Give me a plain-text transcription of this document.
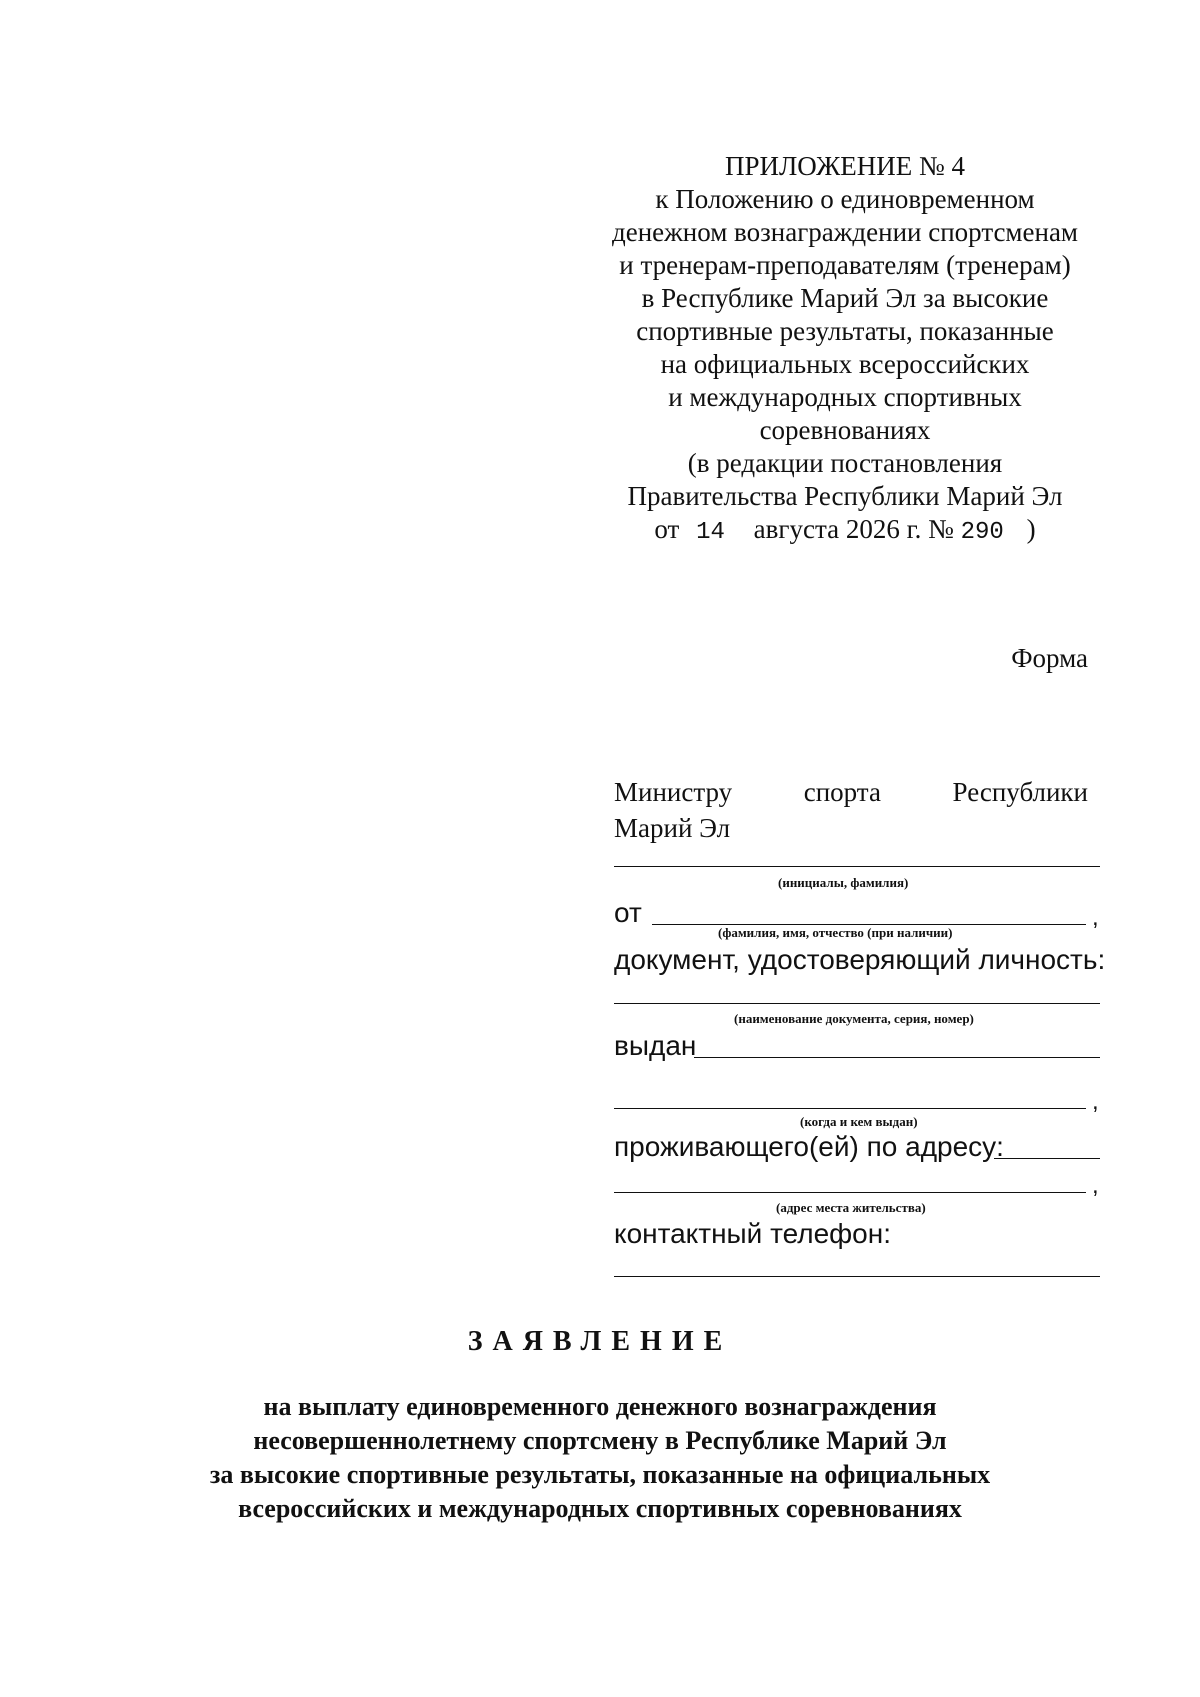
ПРИЛОЖЕНИЕ № 4
к Положению о единовременном
денежном вознаграждении спортсменам
и тренерам-преподавателям (тренерам)
в Республике Марий Эл за высокие
спортивные результаты, показанные
на официальных всероссийских
и международных спортивных
соревнованиях
(в редакции постановления
Правительства Республики Марий Эл
от 14 августа 2026 г. № 290 )
Форма
Министру	спорта	Республики
Марий Эл
(инициалы, фамилия)
от	,
(фамилия, имя, отчество (при наличии)
документ, удостоверяющий личность:
(наименование документа, серия, номер)
выдан
,
(когда и кем выдан)
проживающего(ей) по адресу:
,
(адрес места жительства)
контактный телефон:
ЗАЯВЛЕНИЕ
на выплату единовременного денежного вознаграждения
несовершеннолетнему спортсмену в Республике Марий Эл
за высокие спортивные результаты, показанные на официальных
всероссийских и международных спортивных соревнованиях
